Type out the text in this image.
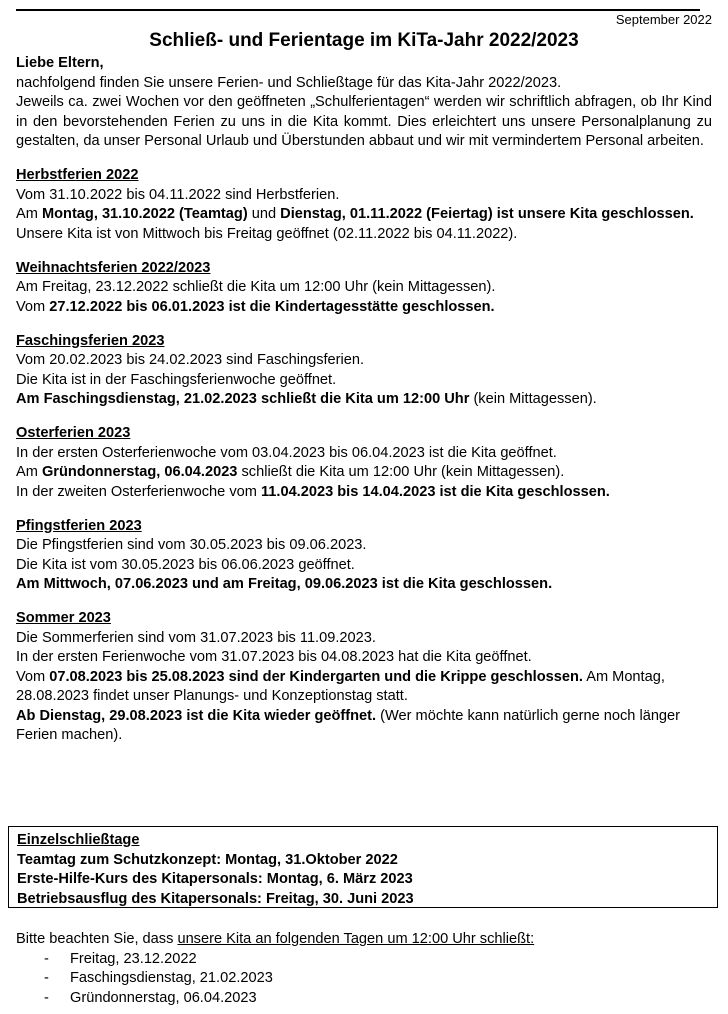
September 2022
Schließ- und Ferientage im KiTa-Jahr 2022/2023

Liebe Eltern,

nachfolgend finden Sie unsere Ferien- und Schließtage für das Kita-Jahr 2022/2023.

Jeweils ca. zwei Wochen vor den geöffneten „Schulferientagen“ werden wir schriftlich abfragen, ob Ihr Kind in den bevorstehenden Ferien zu uns in die Kita kommt. Dies erleichtert uns unsere Personalplanung zu gestalten, da unser Personal Urlaub und Überstunden abbaut und wir mit vermindertem Personal arbeiten.

Herbstferien 2022

Vom 31.10.2022 bis 04.11.2022 sind Herbstferien.

Am Montag, 31.10.2022 (Teamtag) und Dienstag, 01.11.2022 (Feiertag) ist unsere Kita geschlossen.

Unsere Kita ist von Mittwoch bis Freitag geöffnet (02.11.2022 bis 04.11.2022).

Weihnachtsferien 2022/2023

Am Freitag, 23.12.2022 schließt die Kita um 12:00 Uhr (kein Mittagessen).

Vom 27.12.2022 bis 06.01.2023 ist die Kindertagesstätte geschlossen.

Faschingsferien 2023

Vom 20.02.2023 bis 24.02.2023 sind Faschingsferien.

Die Kita ist in der Faschingsferienwoche geöffnet.

Am Faschingsdienstag, 21.02.2023 schließt die Kita um 12:00 Uhr (kein Mittagessen).

Osterferien 2023

In der ersten Osterferienwoche vom 03.04.2023 bis 06.04.2023 ist die Kita geöffnet.

Am Gründonnerstag, 06.04.2023 schließt die Kita um 12:00 Uhr (kein Mittagessen).

In der zweiten Osterferienwoche vom 11.04.2023 bis 14.04.2023 ist die Kita geschlossen.

Pfingstferien 2023

Die Pfingstferien sind vom 30.05.2023 bis 09.06.2023.

Die Kita ist vom 30.05.2023 bis 06.06.2023 geöffnet.

Am Mittwoch, 07.06.2023 und am Freitag, 09.06.2023 ist die Kita geschlossen.

Sommer 2023

Die Sommerferien sind vom 31.07.2023 bis 11.09.2023.

In der ersten Ferienwoche vom 31.07.2023 bis 04.08.2023 hat die Kita geöffnet.

Vom 07.08.2023 bis 25.08.2023 sind der Kindergarten und die Krippe geschlossen. Am Montag, 28.08.2023 findet unser Planungs- und Konzeptionstag statt.

Ab Dienstag, 29.08.2023 ist die Kita wieder geöffnet. (Wer möchte kann natürlich gerne noch länger Ferien machen).

Einzelschließtage
Teamtag zum Schutzkonzept: Montag, 31.Oktober 2022
Erste-Hilfe-Kurs des Kitapersonals: Montag, 6. März 2023
Betriebsausflug des Kitapersonals: Freitag, 30. Juni 2023

Bitte beachten Sie, dass unsere Kita an folgenden Tagen um 12:00 Uhr schließt:

- Freitag, 23.12.2022
- Faschingsdienstag, 21.02.2023
- Gründonnerstag, 06.04.2023
